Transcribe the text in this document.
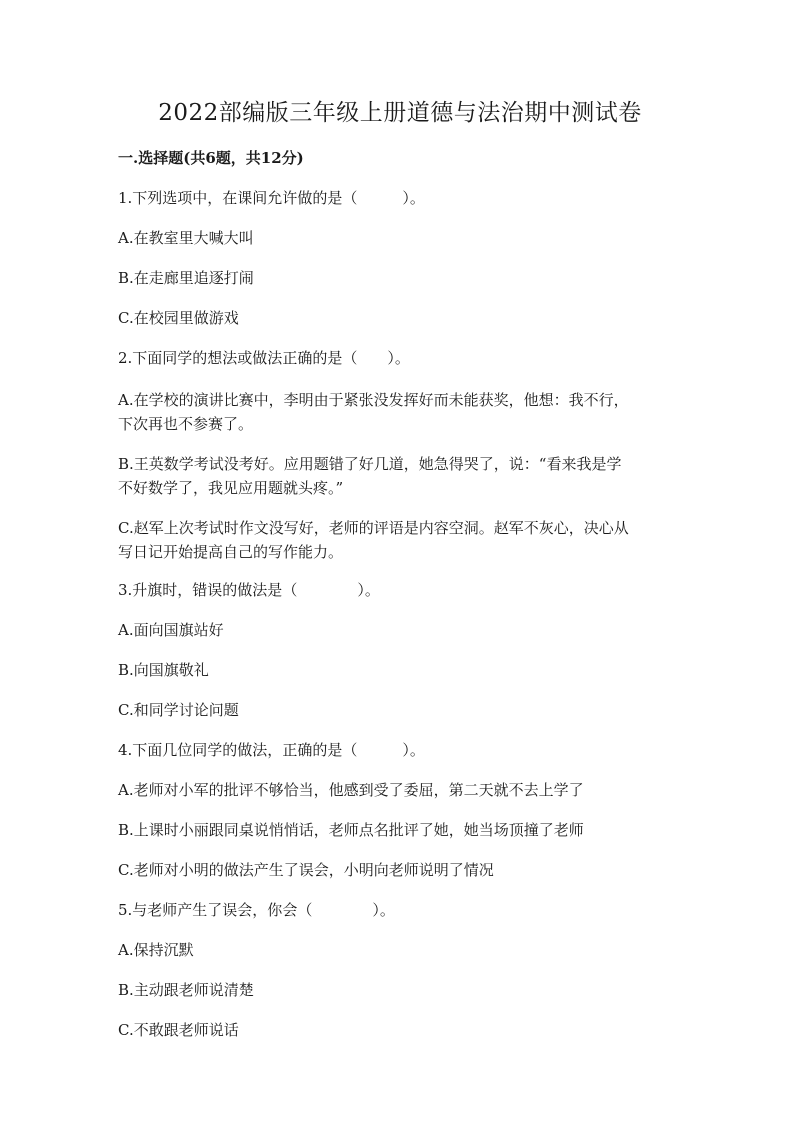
2022部编版三年级上册道德与法治期中测试卷
一.选择题(共6题，共12分)
1.下列选项中，在课间允许做的是（　　　）。
A.在教室里大喊大叫
B.在走廊里追逐打闹
C.在校园里做游戏
2.下面同学的想法或做法正确的是（　　）。
A.在学校的演讲比赛中，李明由于紧张没发挥好而未能获奖，他想：我不行，
下次再也不参赛了。
B.王英数学考试没考好。应用题错了好几道，她急得哭了，说：“看来我是学
不好数学了，我见应用题就头疼。”
C.赵军上次考试时作文没写好，老师的评语是内容空洞。赵军不灰心，决心从
写日记开始提高自己的写作能力。
3.升旗时，错误的做法是（　　　　）。
A.面向国旗站好
B.向国旗敬礼
C.和同学讨论问题
4.下面几位同学的做法，正确的是（　　　）。
A.老师对小军的批评不够恰当，他感到受了委屈，第二天就不去上学了
B.上课时小丽跟同桌说悄悄话，老师点名批评了她，她当场顶撞了老师
C.老师对小明的做法产生了误会，小明向老师说明了情况
5.与老师产生了误会，你会（　　　　）。
A.保持沉默
B.主动跟老师说清楚
C.不敢跟老师说话
